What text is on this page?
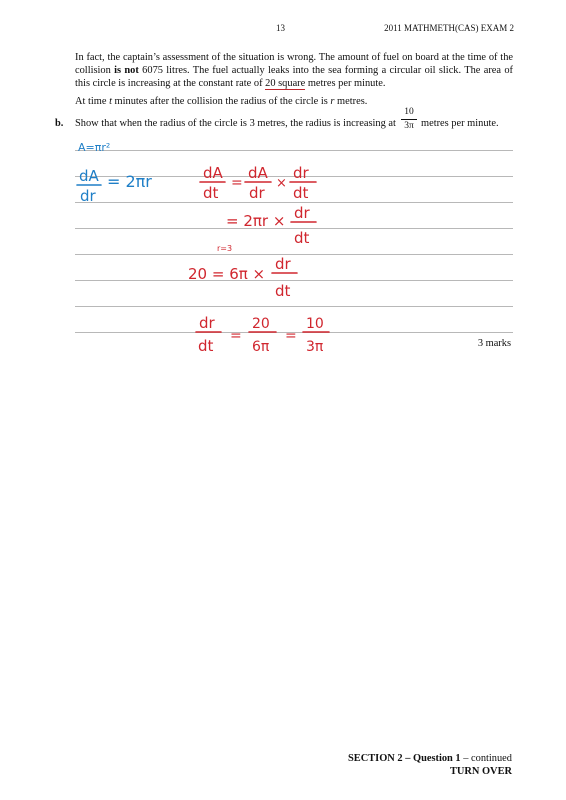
13	2011 MATHMETH(CAS) EXAM 2

In fact, the captain’s assessment of the situation is wrong. The amount of fuel on board at the time of the collision is not 6075 litres. The fuel actually leaks into the sea forming a circular oil slick. The area of this circle is increasing at the constant rate of 20 square metres per minute.

At time t minutes after the collision the radius of the circle is r metres.

b. Show that when the radius of the circle is 3 metres, the radius is increasing at $\frac{10}{3\pi}$ metres per minute.
A=πr²
dA
dr
= 2πr	dA
dt
=
dA
dr
×
dr
dt
= 2πr × dr
dt
r=3
20 = 6π ×
dr
dt
dr
dt
=
20
6π
=
10
3π	3 marks
SECTION 2 – Question 1 – continued
TURN OVER
